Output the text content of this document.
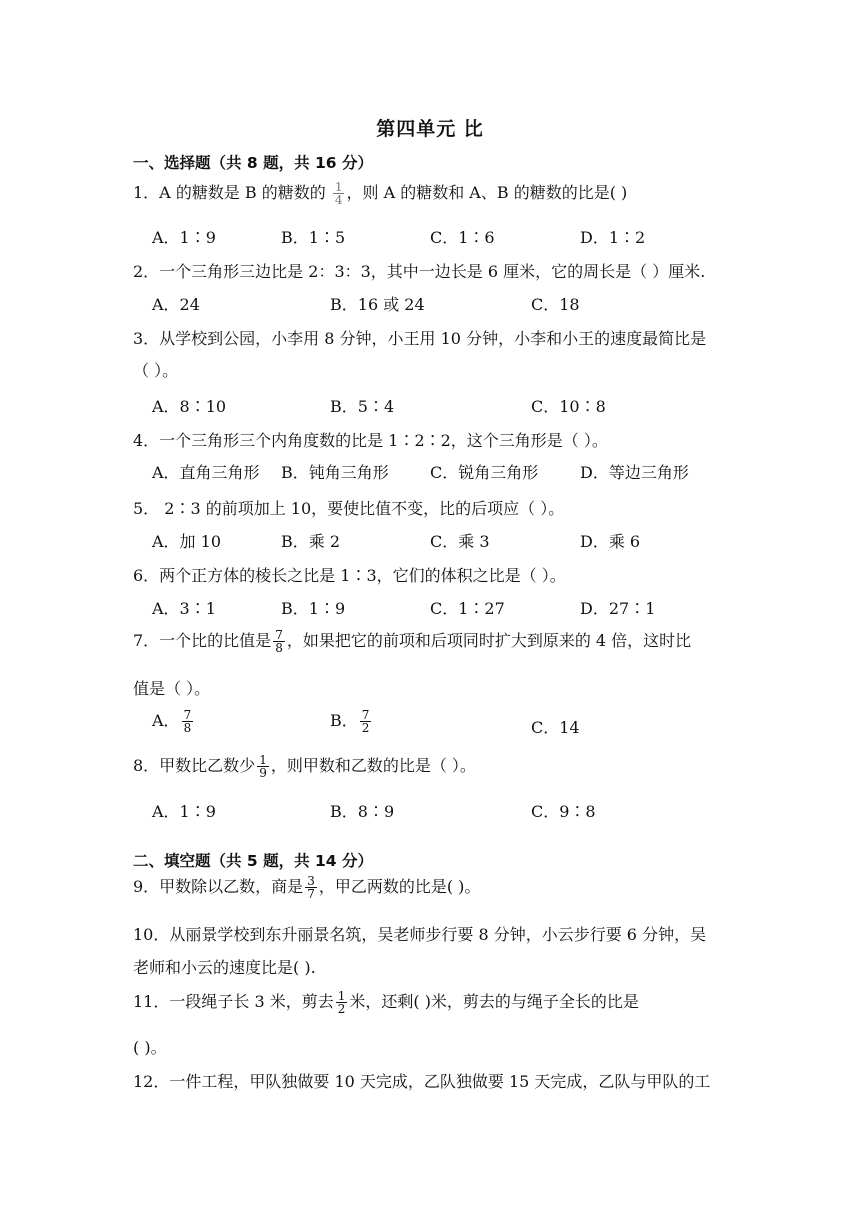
第四单元 比
一、选择题（共 8 题，共 16 分）
1．A 的糖数是 B 的糖数的 $\frac{1}{4}$ ，则 A 的糖数和 A、B 的糖数的比是( )
A．1∶9	B．1∶5	C．1∶6	D．1∶2
2．一个三角形三边比是 2：3：3，其中一边长是 6 厘米，它的周长是（ ）厘米.
A．24	B．16 或 24	C．18
3．从学校到公园，小李用 8 分钟，小王用 10 分钟，小李和小王的速度最简比是
（ ）。
A．8∶10	B．5∶4	C．10∶8
4．一个三角形三个内角度数的比是 1∶2∶2，这个三角形是（ ）。
A．直角三角形 B．钝角三角形	C．锐角三角形	D．等边三角形
5． 2∶3 的前项加上 10，要使比值不变，比的后项应（ ）。
A．加 10	B．乘 2	C．乘 3	D．乘 6
6．两个正方体的棱长之比是 1∶3，它们的体积之比是（ ）。
A．3∶1	B．1∶9	C．1∶27	D．27∶1
7．一个比的比值是 $\frac{7}{8}$ ，如果把它的前项和后项同时扩大到原来的 4 倍，这时比
值是（ ）。
A． $\frac{7}{8}$	B． $\frac{7}{2}$	C．14
8．甲数比乙数少 $\frac{1}{9}$ ，则甲数和乙数的比是（ ）。
A．1∶9	B．8∶9	C．9∶8
二、填空题（共 5 题，共 14 分）
9．甲数除以乙数，商是 $\frac{3}{7}$ ，甲乙两数的比是( )。
10．从丽景学校到东升丽景名筑，吴老师步行要 8 分钟，小云步行要 6 分钟，吴
老师和小云的速度比是( ).
11．一段绳子长 3 米，剪去 $\frac{1}{2}$ 米，还剩( )米，剪去的与绳子全长的比是
( )。
12．一件工程，甲队独做要 10 天完成，乙队独做要 15 天完成，乙队与甲队的工
